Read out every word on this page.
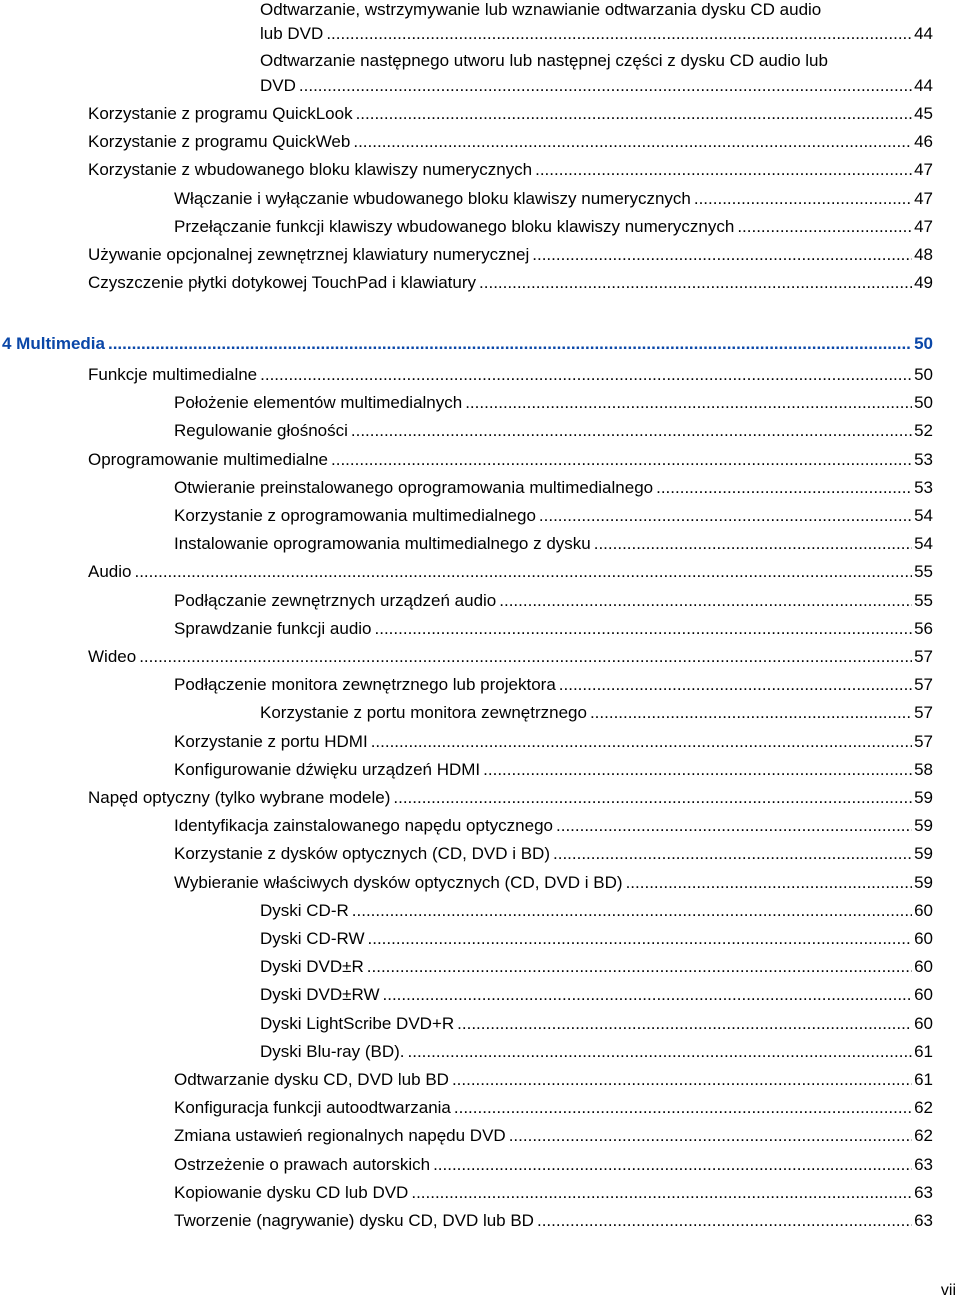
Odtwarzanie, wstrzymywanie lub wznawianie odtwarzania dysku CD audio
lub DVD .....	44
Odtwarzanie następnego utworu lub następnej części z dysku CD audio lub
DVD .....	44
Korzystanie z programu QuickLook .....	45
Korzystanie z programu QuickWeb .....	46
Korzystanie z wbudowanego bloku klawiszy numerycznych .....	47
Włączanie i wyłączanie wbudowanego bloku klawiszy numerycznych .....	47
Przełączanie funkcji klawiszy wbudowanego bloku klawiszy numerycznych .....	47
Używanie opcjonalnej zewnętrznej klawiatury numerycznej .....	48
Czyszczenie płytki dotykowej TouchPad i klawiatury .....	49
4 Multimedia .....	50
Funkcje multimedialne .....	50
Położenie elementów multimedialnych .....	50
Regulowanie głośności .....	52
Oprogramowanie multimedialne .....	53
Otwieranie preinstalowanego oprogramowania multimedialnego .....	53
Korzystanie z oprogramowania multimedialnego .....	54
Instalowanie oprogramowania multimedialnego z dysku .....	54
Audio .....	55
Podłączanie zewnętrznych urządzeń audio .....	55
Sprawdzanie funkcji audio .....	56
Wideo .....	57
Podłączenie monitora zewnętrznego lub projektora .....	57
Korzystanie z portu monitora zewnętrznego .....	57
Korzystanie z portu HDMI .....	57
Konfigurowanie dźwięku urządzeń HDMI .....	58
Napęd optyczny (tylko wybrane modele) .....	59
Identyfikacja zainstalowanego napędu optycznego .....	59
Korzystanie z dysków optycznych (CD, DVD i BD) .....	59
Wybieranie właściwych dysków optycznych (CD, DVD i BD) .....	59
Dyski CD-R .....	60
Dyski CD-RW .....	60
Dyski DVD±R .....	60
Dyski DVD±RW .....	60
Dyski LightScribe DVD+R .....	60
Dyski Blu-ray (BD). .....	61
Odtwarzanie dysku CD, DVD lub BD .....	61
Konfiguracja funkcji autoodtwarzania .....	62
Zmiana ustawień regionalnych napędu DVD .....	62
Ostrzeżenie o prawach autorskich .....	63
Kopiowanie dysku CD lub DVD .....	63
Tworzenie (nagrywanie) dysku CD, DVD lub BD .....	63
vii
